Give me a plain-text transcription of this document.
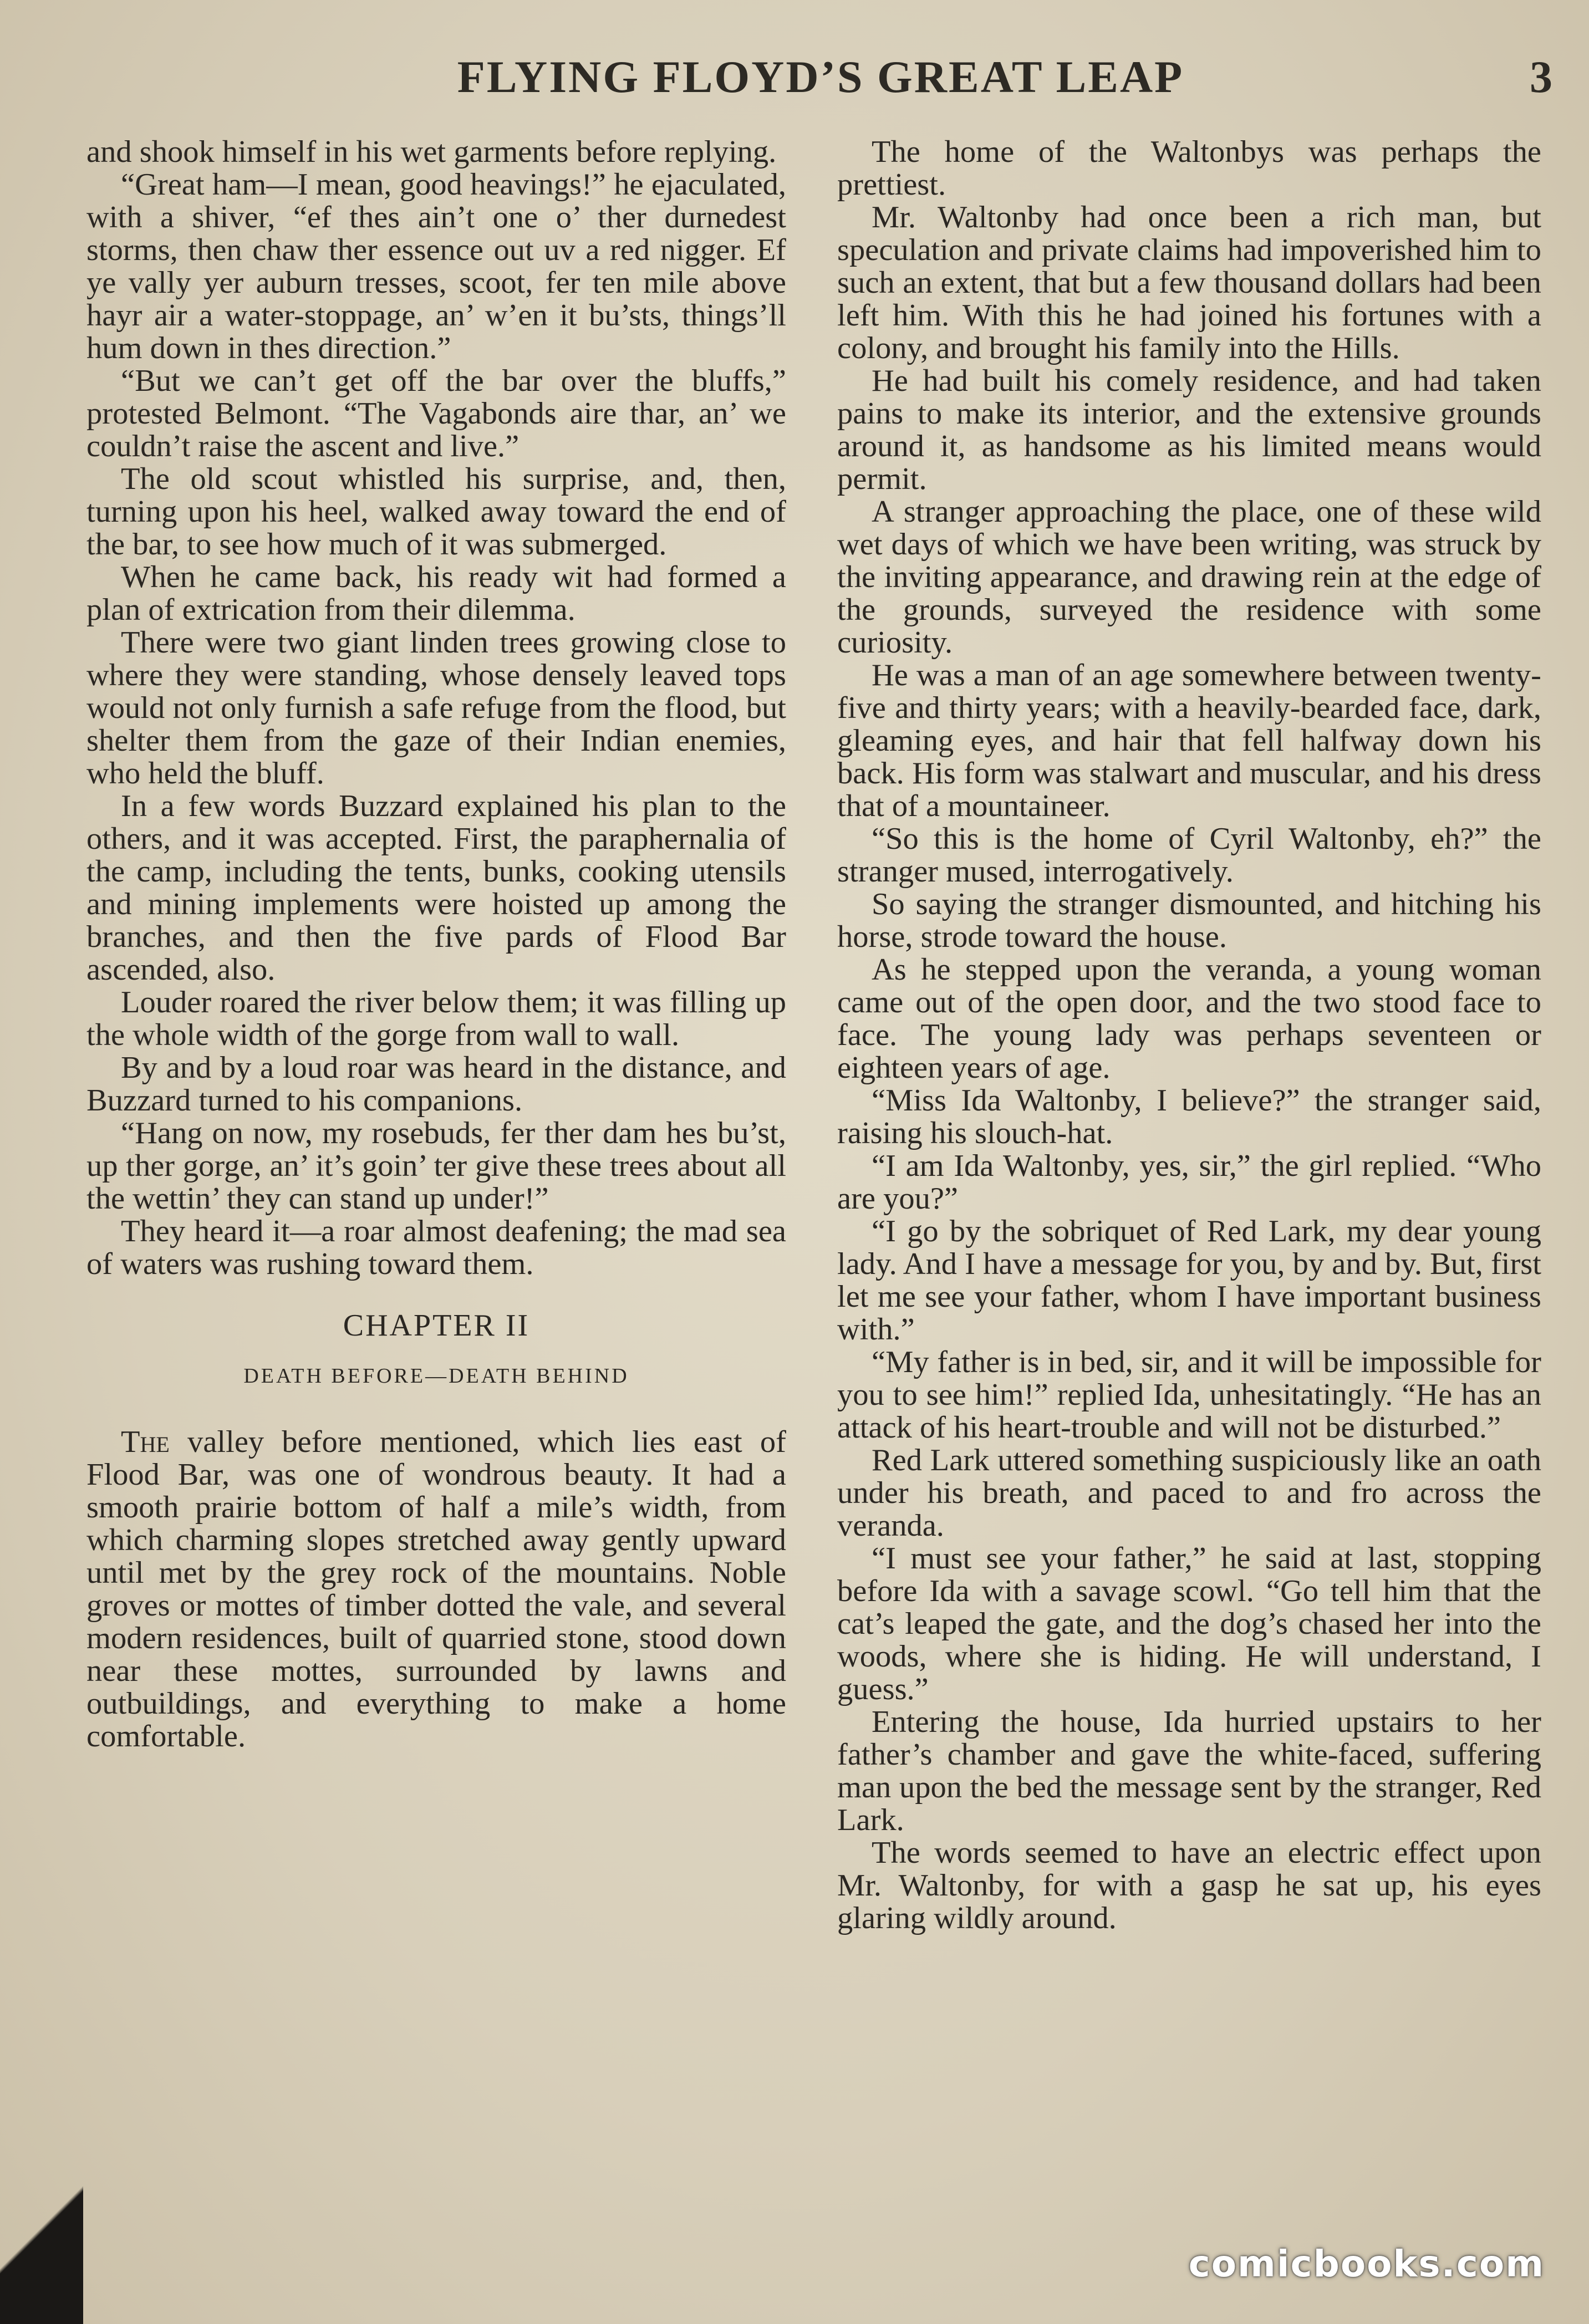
FLYING FLOYD’S GREAT LEAP	3

and shook himself in his wet garments before replying.

“Great ham—I mean, good heavings!” he ejaculated, with a shiver, “ef thes ain’t one o’ ther durnedest storms, then chaw ther essence out uv a red nigger. Ef ye vally yer auburn tresses, scoot, fer ten mile above hayr air a water-stoppage, an’ w’en it bu’sts, things’ll hum down in thes direction.”

“But we can’t get off the bar over the bluffs,” protested Belmont. “The Vagabonds aire thar, an’ we couldn’t raise the ascent and live.”

The old scout whistled his surprise, and, then, turning upon his heel, walked away toward the end of the bar, to see how much of it was submerged.

When he came back, his ready wit had formed a plan of extrication from their dilemma.

There were two giant linden trees growing close to where they were standing, whose densely leaved tops would not only furnish a safe refuge from the flood, but shelter them from the gaze of their Indian enemies, who held the bluff.

In a few words Buzzard explained his plan to the others, and it was accepted. First, the paraphernalia of the camp, including the tents, bunks, cooking utensils and mining implements were hoisted up among the branches, and then the five pards of Flood Bar ascended, also.

Louder roared the river below them; it was filling up the whole width of the gorge from wall to wall.

By and by a loud roar was heard in the distance, and Buzzard turned to his companions.

“Hang on now, my rosebuds, fer ther dam hes bu’st, up ther gorge, an’ it’s goin’ ter give these trees about all the wettin’ they can stand up under!”

They heard it—a roar almost deafening; the mad sea of waters was rushing toward them.

CHAPTER II
DEATH BEFORE—DEATH BEHIND

The valley before mentioned, which lies east of Flood Bar, was one of wondrous beauty. It had a smooth prairie bottom of half a mile’s width, from which charming slopes stretched away gently upward until met by the grey rock of the mountains. Noble groves or mottes of timber dotted the vale, and several modern residences, built of quarried stone, stood down near these mottes, surrounded by lawns and outbuildings, and everything to make a home comfortable.

The home of the Waltonbys was perhaps the prettiest.

Mr. Waltonby had once been a rich man, but speculation and private claims had impoverished him to such an extent, that but a few thousand dollars had been left him. With this he had joined his fortunes with a colony, and brought his family into the Hills.

He had built his comely residence, and had taken pains to make its interior, and the extensive grounds around it, as handsome as his limited means would permit.

A stranger approaching the place, one of these wild wet days of which we have been writing, was struck by the inviting appearance, and drawing rein at the edge of the grounds, surveyed the residence with some curiosity.

He was a man of an age somewhere between twenty-five and thirty years; with a heavily-bearded face, dark, gleaming eyes, and hair that fell halfway down his back. His form was stalwart and muscular, and his dress that of a mountaineer.

“So this is the home of Cyril Waltonby, eh?” the stranger mused, interrogatively.

So saying the stranger dismounted, and hitching his horse, strode toward the house.

As he stepped upon the veranda, a young woman came out of the open door, and the two stood face to face. The young lady was perhaps seventeen or eighteen years of age.

“Miss Ida Waltonby, I believe?” the stranger said, raising his slouch-hat.

“I am Ida Waltonby, yes, sir,” the girl replied. “Who are you?”

“I go by the sobriquet of Red Lark, my dear young lady. And I have a message for you, by and by. But, first let me see your father, whom I have important business with.”

“My father is in bed, sir, and it will be impossible for you to see him!” replied Ida, unhesitatingly. “He has an attack of his heart-trouble and will not be disturbed.”

Red Lark uttered something suspiciously like an oath under his breath, and paced to and fro across the veranda.

“I must see your father,” he said at last, stopping before Ida with a savage scowl. “Go tell him that the cat’s leaped the gate, and the dog’s chased her into the woods, where she is hiding. He will understand, I guess.”

Entering the house, Ida hurried upstairs to her father’s chamber and gave the white-faced, suffering man upon the bed the message sent by the stranger, Red Lark.

The words seemed to have an electric effect upon Mr. Waltonby, for with a gasp he sat up, his eyes glaring wildly around.

comicbooks.com
